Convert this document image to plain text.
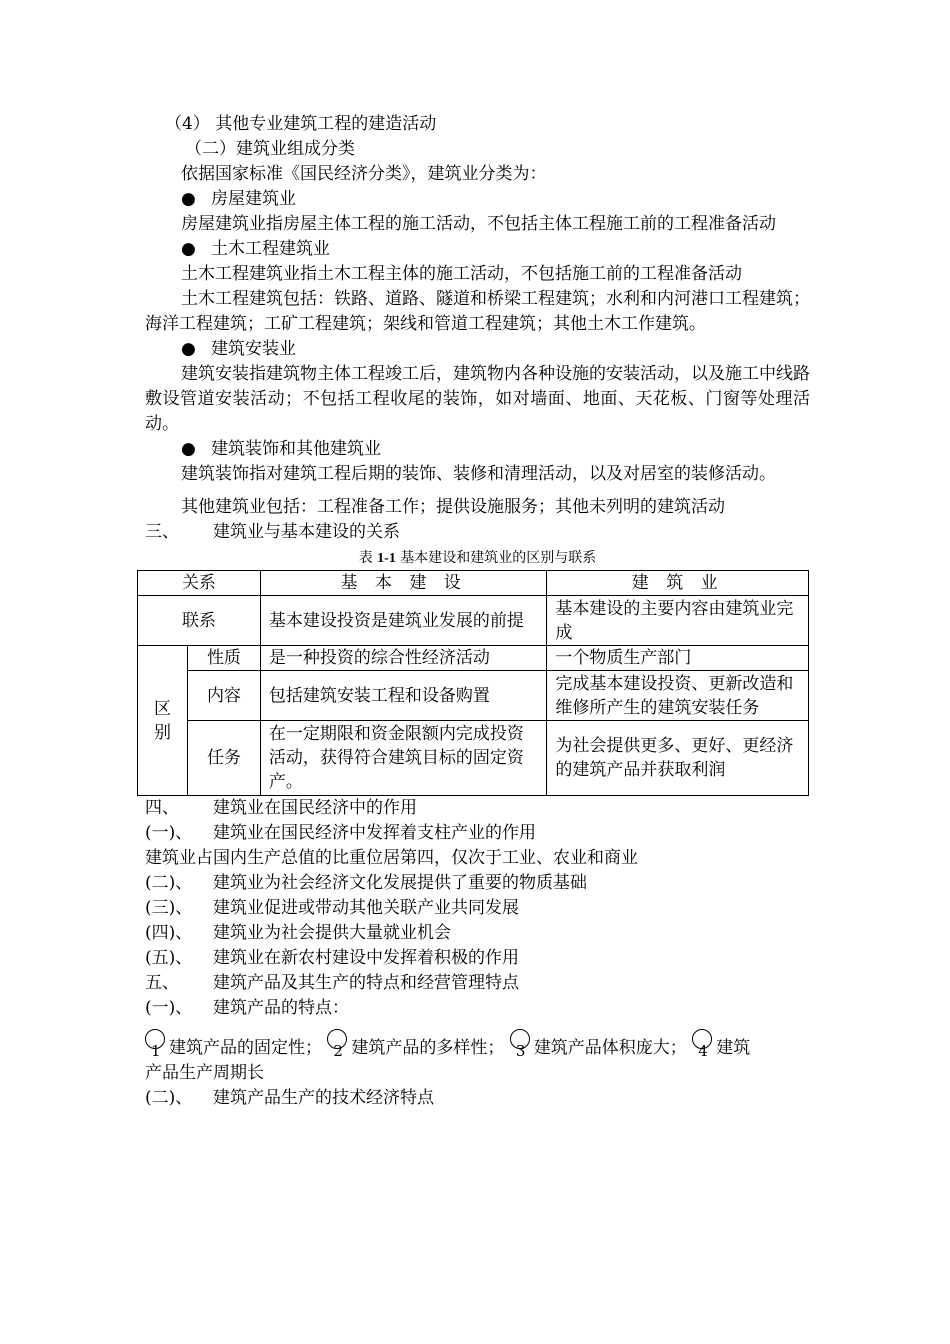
（4） 其他专业建筑工程的建造活动

（二）建筑业组成分类

依据国家标准《国民经济分类》，建筑业分类为：

● 房屋建筑业

房屋建筑业指房屋主体工程的施工活动，不包括主体工程施工前的工程准备活动

● 土木工程建筑业

土木工程建筑业指土木工程主体的施工活动，不包括施工前的工程准备活动

土木工程建筑包括：铁路、道路、隧道和桥梁工程建筑；水利和内河港口工程建筑；海洋工程建筑；工矿工程建筑；架线和管道工程建筑；其他土木工作建筑。

● 建筑安装业

建筑安装指建筑物主体工程竣工后，建筑物内各种设施的安装活动，以及施工中线路敷设管道安装活动；不包括工程收尾的装饰，如对墙面、地面、天花板、门窗等处理活动。

● 建筑装饰和其他建筑业

建筑装饰指对建筑工程后期的装饰、装修和清理活动，以及对居室的装修活动。

其他建筑业包括：工程准备工作；提供设施服务；其他未列明的建筑活动

三、 建筑业与基本建设的关系

表 1-1 基本建设和建筑业的区别与联系
关系		基 本 建 设	建 筑 业
联系		基本建设投资是建筑业发展的前提	基本建设的主要内容由建筑业完成
区别	性质	是一种投资的综合性经济活动	一个物质生产部门
	内容	包括建筑安装工程和设备购置	完成基本建设投资、更新改造和维修所产生的建筑安装任务
	任务	在一定期限和资金限额内完成投资活动，获得符合建筑目标的固定资产。	为社会提供更多、更好、更经济的建筑产品并获取利润

四、 建筑业在国民经济中的作用

(一)、 建筑业在国民经济中发挥着支柱产业的作用

建筑业占国内生产总值的比重位居第四，仅次于工业、农业和商业

(二)、 建筑业为社会经济文化发展提供了重要的物质基础

(三)、 建筑业促进或带动其他关联产业共同发展

(四)、 建筑业为社会提供大量就业机会

(五)、 建筑业在新农村建设中发挥着积极的作用

五、 建筑产品及其生产的特点和经营管理特点

(一)、 建筑产品的特点：

1 建筑产品的固定性； 2 建筑产品的多样性； 3 建筑产品体积庞大； 4 建筑

产品生产周期长

(二)、 建筑产品生产的技术经济特点
